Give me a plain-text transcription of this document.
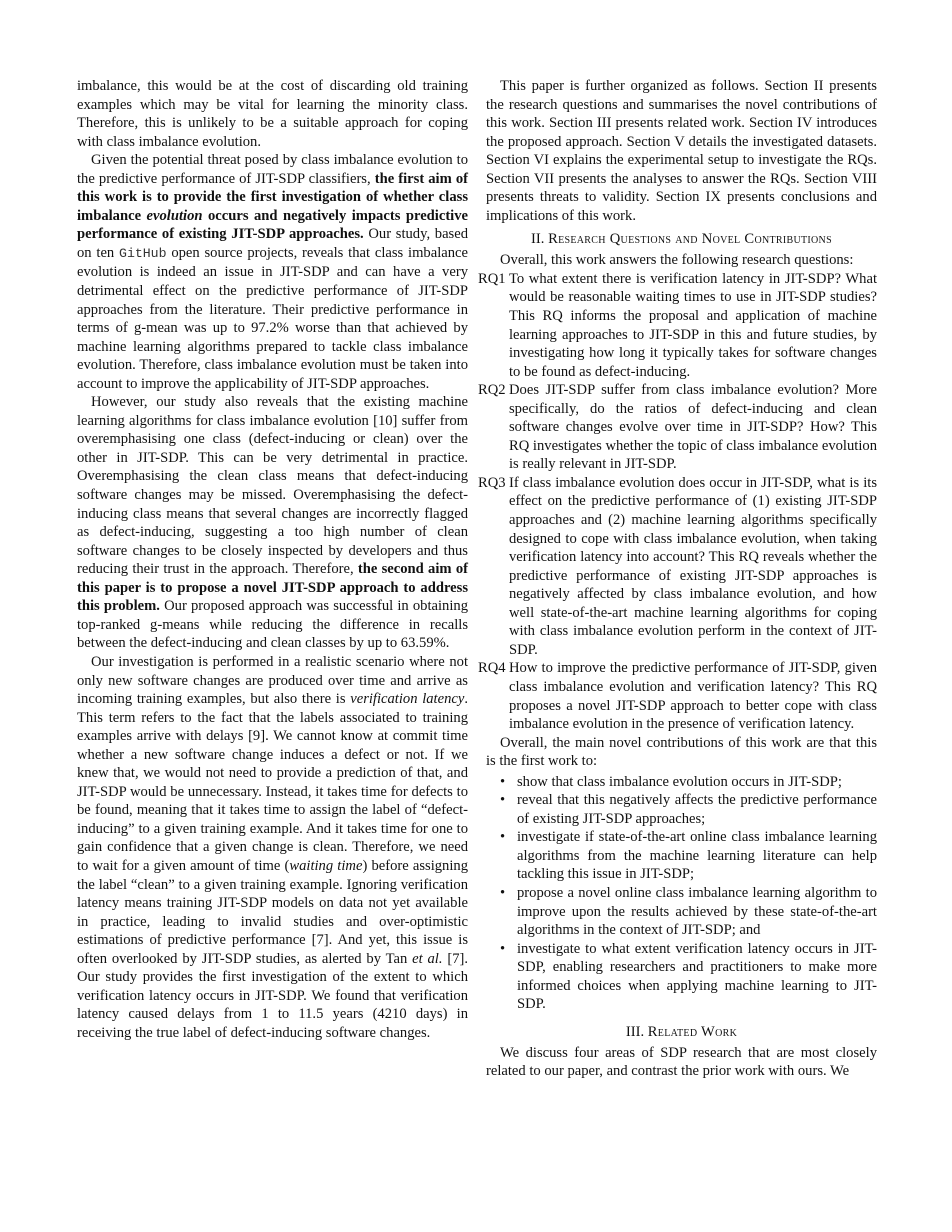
imbalance, this would be at the cost of discarding old training examples which may be vital for learning the minority class. Therefore, this is unlikely to be a suitable approach for coping with class imbalance evolution.

Given the potential threat posed by class imbalance evolution to the predictive performance of JIT-SDP classifiers, the first aim of this work is to provide the first investigation of whether class imbalance evolution occurs and negatively impacts predictive performance of existing JIT-SDP approaches. Our study, based on ten GitHub open source projects, reveals that class imbalance evolution is indeed an issue in JIT-SDP and can have a very detrimental effect on the predictive performance of JIT-SDP approaches from the literature. Their predictive performance in terms of g-mean was up to 97.2% worse than that achieved by machine learning algorithms prepared to tackle class imbalance evolution. Therefore, class imbalance evolution must be taken into account to improve the applicability of JIT-SDP approaches.

However, our study also reveals that the existing machine learning algorithms for class imbalance evolution [10] suffer from overemphasising one class (defect-inducing or clean) over the other in JIT-SDP. This can be very detrimental in practice. Overemphasising the clean class means that defect-inducing software changes may be missed. Overemphasising the defect-inducing class means that several changes are incorrectly flagged as defect-inducing, suggesting a too high number of clean software changes to be closely inspected by developers and thus reducing their trust in the approach. Therefore, the second aim of this paper is to propose a novel JIT-SDP approach to address this problem. Our proposed approach was successful in obtaining top-ranked g-means while reducing the difference in recalls between the defect-inducing and clean classes by up to 63.59%.

Our investigation is performed in a realistic scenario where not only new software changes are produced over time and arrive as incoming training examples, but also there is verification latency. This term refers to the fact that the labels associated to training examples arrive with delays [9]. We cannot know at commit time whether a new software change induces a defect or not. If we knew that, we would not need to provide a prediction of that, and JIT-SDP would be unnecessary. Instead, it takes time for defects to be found, meaning that it takes time to assign the label of “defect-inducing” to a given training example. And it takes time for one to gain confidence that a given change is clean. Therefore, we need to wait for a given amount of time (waiting time) before assigning the label “clean” to a given training example. Ignoring verification latency means training JIT-SDP models on data not yet available in practice, leading to invalid studies and over-optimistic estimations of predictive performance [7]. And yet, this issue is often overlooked by JIT-SDP studies, as alerted by Tan et al. [7]. Our study provides the first investigation of the extent to which verification latency occurs in JIT-SDP. We found that verification latency caused delays from 1 to 11.5 years (4210 days) in receiving the true label of defect-inducing software changes.

This paper is further organized as follows. Section II presents the research questions and summarises the novel contributions of this work. Section III presents related work. Section IV introduces the proposed approach. Section V details the investigated datasets. Section VI explains the experimental setup to investigate the RQs. Section VII presents the analyses to answer the RQs. Section VIII presents threats to validity. Section IX presents conclusions and implications of this work.

II. Research Questions and Novel Contributions

Overall, this work answers the following research questions:

RQ1 To what extent there is verification latency in JIT-SDP? What would be reasonable waiting times to use in JIT-SDP studies? This RQ informs the proposal and application of machine learning approaches to JIT-SDP in this and future studies, by investigating how long it typically takes for software changes to be found as defect-inducing.
RQ2 Does JIT-SDP suffer from class imbalance evolution? More specifically, do the ratios of defect-inducing and clean software changes evolve over time in JIT-SDP? How? This RQ investigates whether the topic of class imbalance evolution is really relevant in JIT-SDP.
RQ3 If class imbalance evolution does occur in JIT-SDP, what is its effect on the predictive performance of (1) existing JIT-SDP approaches and (2) machine learning algorithms specifically designed to cope with class imbalance evolution, when taking verification latency into account? This RQ reveals whether the predictive performance of existing JIT-SDP approaches is negatively affected by class imbalance evolution, and how well state-of-the-art machine learning algorithms for coping with class imbalance evolution perform in the context of JIT-SDP.
RQ4 How to improve the predictive performance of JIT-SDP, given class imbalance evolution and verification latency? This RQ proposes a novel JIT-SDP approach to better cope with class imbalance evolution in the presence of verification latency.

Overall, the main novel contributions of this work are that this is the first work to:

• show that class imbalance evolution occurs in JIT-SDP;
• reveal that this negatively affects the predictive performance of existing JIT-SDP approaches;
• investigate if state-of-the-art online class imbalance learning algorithms from the machine learning literature can help tackling this issue in JIT-SDP;
• propose a novel online class imbalance learning algorithm to improve upon the results achieved by these state-of-the-art algorithms in the context of JIT-SDP; and
• investigate to what extent verification latency occurs in JIT-SDP, enabling researchers and practitioners to make more informed choices when applying machine learning to JIT-SDP.
III. Related Work

We discuss four areas of SDP research that are most closely related to our paper, and contrast the prior work with ours. We
